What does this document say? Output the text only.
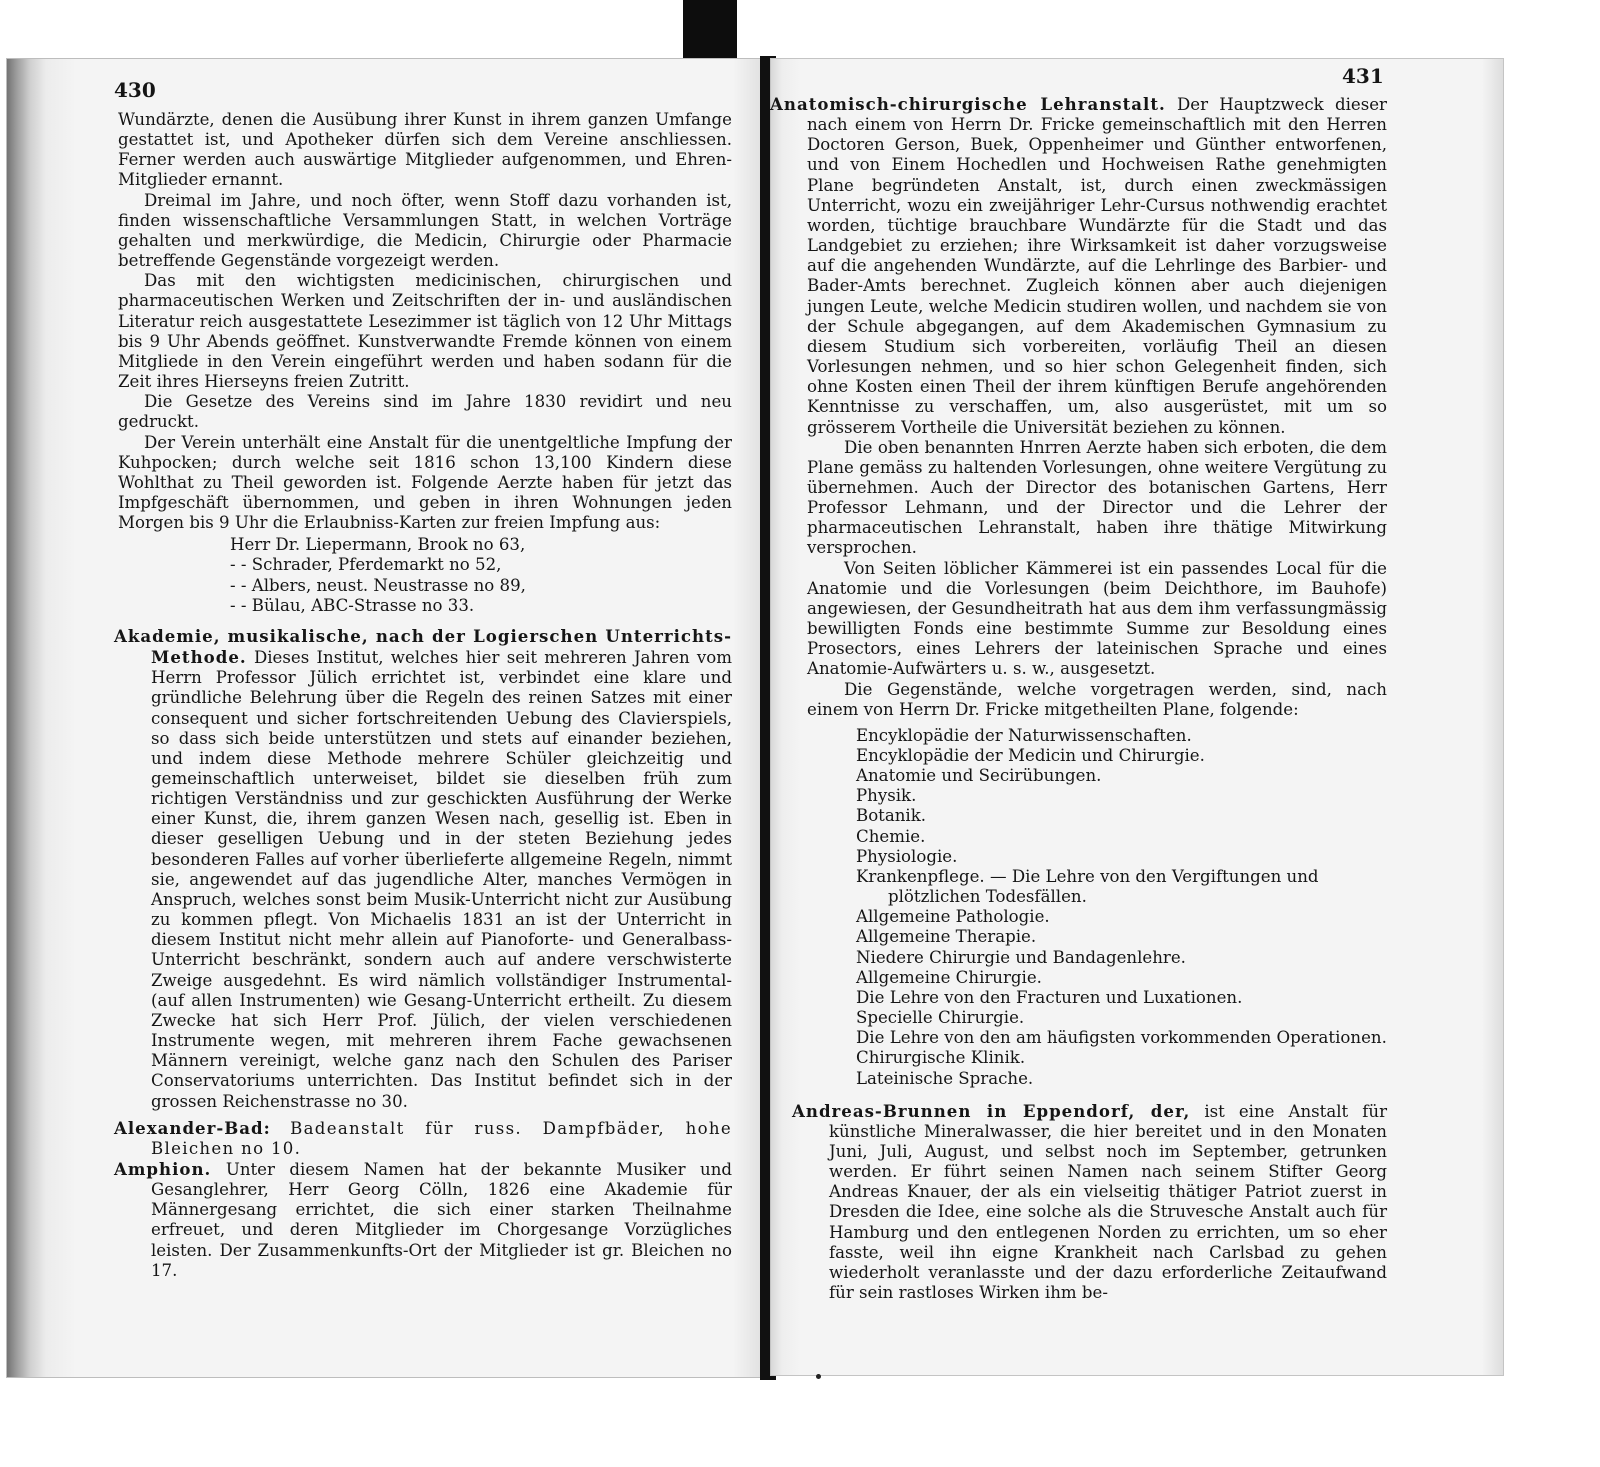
430

Wundärzte, denen die Ausübung ihrer Kunst in ihrem ganzen Umfange gestattet ist, und Apotheker dürfen sich dem Vereine anschliessen. Ferner werden auch auswärtige Mitglieder aufgenommen, und Ehren-Mitglieder ernannt.

Dreimal im Jahre, und noch öfter, wenn Stoff dazu vorhanden ist, finden wissenschaftliche Versammlungen Statt, in welchen Vorträge gehalten und merkwürdige, die Medicin, Chirurgie oder Pharmacie betreffende Gegenstände vorgezeigt werden.

Das mit den wichtigsten medicinischen, chirurgischen und pharmaceutischen Werken und Zeitschriften der in- und ausländischen Literatur reich ausgestattete Lesezimmer ist täglich von 12 Uhr Mittags bis 9 Uhr Abends geöffnet. Kunstverwandte Fremde können von einem Mitgliede in den Verein eingeführt werden und haben sodann für die Zeit ihres Hierseyns freien Zutritt.

Die Gesetze des Vereins sind im Jahre 1830 revidirt und neu gedruckt.

Der Verein unterhält eine Anstalt für die unentgeltliche Impfung der Kuhpocken; durch welche seit 1816 schon 13,100 Kindern diese Wohlthat zu Theil geworden ist. Folgende Aerzte haben für jetzt das Impfgeschäft übernommen, und geben in ihren Wohnungen jeden Morgen bis 9 Uhr die Erlaubniss-Karten zur freien Impfung aus:

Herr Dr. Liepermann, Brook no 63,
- - Schrader, Pferdemarkt no 52,
- - Albers, neust. Neustrasse no 89,
- - Bülau, ABC-Strasse no 33.

Akademie, musikalische, nach der Logierschen Unterrichts-Methode. Dieses Institut, welches hier seit mehreren Jahren vom Herrn Professor Jülich errichtet ist, verbindet eine klare und gründliche Belehrung über die Regeln des reinen Satzes mit einer consequent und sicher fortschreitenden Uebung des Clavierspiels, so dass sich beide unterstützen und stets auf einander beziehen, und indem diese Methode mehrere Schüler gleichzeitig und gemeinschaftlich unterweiset, bildet sie dieselben früh zum richtigen Verständniss und zur geschickten Ausführung der Werke einer Kunst, die, ihrem ganzen Wesen nach, gesellig ist. Eben in dieser geselligen Uebung und in der steten Beziehung jedes besonderen Falles auf vorher überlieferte allgemeine Regeln, nimmt sie, angewendet auf das jugendliche Alter, manches Vermögen in Anspruch, welches sonst beim Musik-Unterricht nicht zur Ausübung zu kommen pflegt. Von Michaelis 1831 an ist der Unterricht in diesem Institut nicht mehr allein auf Pianoforte- und Generalbass-Unterricht beschränkt, sondern auch auf andere verschwisterte Zweige ausgedehnt. Es wird nämlich vollständiger Instrumental- (auf allen Instrumenten) wie Gesang-Unterricht ertheilt. Zu diesem Zwecke hat sich Herr Prof. Jülich, der vielen verschiedenen Instrumente wegen, mit mehreren ihrem Fache gewachsenen Männern vereinigt, welche ganz nach den Schulen des Pariser Conservatoriums unterrichten. Das Institut befindet sich in der grossen Reichenstrasse no 30.

Alexander-Bad: Badeanstalt für russ. Dampfbäder, hohe Bleichen no 10.

Amphion. Unter diesem Namen hat der bekannte Musiker und Gesanglehrer, Herr Georg Cölln, 1826 eine Akademie für Männergesang errichtet, die sich einer starken Theilnahme erfreuet, und deren Mitglieder im Chorgesange Vorzügliches leisten. Der Zusammenkunfts-Ort der Mitglieder ist gr. Bleichen no 17.

431

Anatomisch-chirurgische Lehranstalt. Der Hauptzweck dieser nach einem von Herrn Dr. Fricke gemeinschaftlich mit den Herren Doctoren Gerson, Buek, Oppenheimer und Günther entworfenen, und von Einem Hochedlen und Hochweisen Rathe genehmigten Plane begründeten Anstalt, ist, durch einen zweckmässigen Unterricht, wozu ein zweijähriger Lehr-Cursus nothwendig erachtet worden, tüchtige brauchbare Wundärzte für die Stadt und das Landgebiet zu erziehen; ihre Wirksamkeit ist daher vorzugsweise auf die angehenden Wundärzte, auf die Lehrlinge des Barbier- und Bader-Amts berechnet. Zugleich können aber auch diejenigen jungen Leute, welche Medicin studiren wollen, und nachdem sie von der Schule abgegangen, auf dem Akademischen Gymnasium zu diesem Studium sich vorbereiten, vorläufig Theil an diesen Vorlesungen nehmen, und so hier schon Gelegenheit finden, sich ohne Kosten einen Theil der ihrem künftigen Berufe angehörenden Kenntnisse zu verschaffen, um, also ausgerüstet, mit um so grösserem Vortheile die Universität beziehen zu können.

Die oben benannten Hnrren Aerzte haben sich erboten, die dem Plane gemäss zu haltenden Vorlesungen, ohne weitere Vergütung zu übernehmen. Auch der Director des botanischen Gartens, Herr Professor Lehmann, und der Director und die Lehrer der pharmaceutischen Lehranstalt, haben ihre thätige Mitwirkung versprochen.

Von Seiten löblicher Kämmerei ist ein passendes Local für die Anatomie und die Vorlesungen (beim Deichthore, im Bauhofe) angewiesen, der Gesundheitrath hat aus dem ihm verfassungmässig bewilligten Fonds eine bestimmte Summe zur Besoldung eines Prosectors, eines Lehrers der lateinischen Sprache und eines Anatomie-Aufwärters u. s. w., ausgesetzt.

Die Gegenstände, welche vorgetragen werden, sind, nach einem von Herrn Dr. Fricke mitgetheilten Plane, folgende:

Encyklopädie der Naturwissenschaften.
Encyklopädie der Medicin und Chirurgie.
Anatomie und Secirübungen.
Physik.
Botanik.
Chemie.
Physiologie.
Krankenpflege. — Die Lehre von den Vergiftungen und plötzlichen Todesfällen.
Allgemeine Pathologie.
Allgemeine Therapie.
Niedere Chirurgie und Bandagenlehre.
Allgemeine Chirurgie.
Die Lehre von den Fracturen und Luxationen.
Specielle Chirurgie.
Die Lehre von den am häufigsten vorkommenden Operationen.
Chirurgische Klinik.
Lateinische Sprache.

Andreas-Brunnen in Eppendorf, der, ist eine Anstalt für künstliche Mineralwasser, die hier bereitet und in den Monaten Juni, Juli, August, und selbst noch im September, getrunken werden. Er führt seinen Namen nach seinem Stifter Georg Andreas Knauer, der als ein vielseitig thätiger Patriot zuerst in Dresden die Idee, eine solche als die Struvesche Anstalt auch für Hamburg und den entlegenen Norden zu errichten, um so eher fasste, weil ihn eigne Krankheit nach Carlsbad zu gehen wiederholt veranlasste und der dazu erforderliche Zeitaufwand für sein rastloses Wirken ihm be-
